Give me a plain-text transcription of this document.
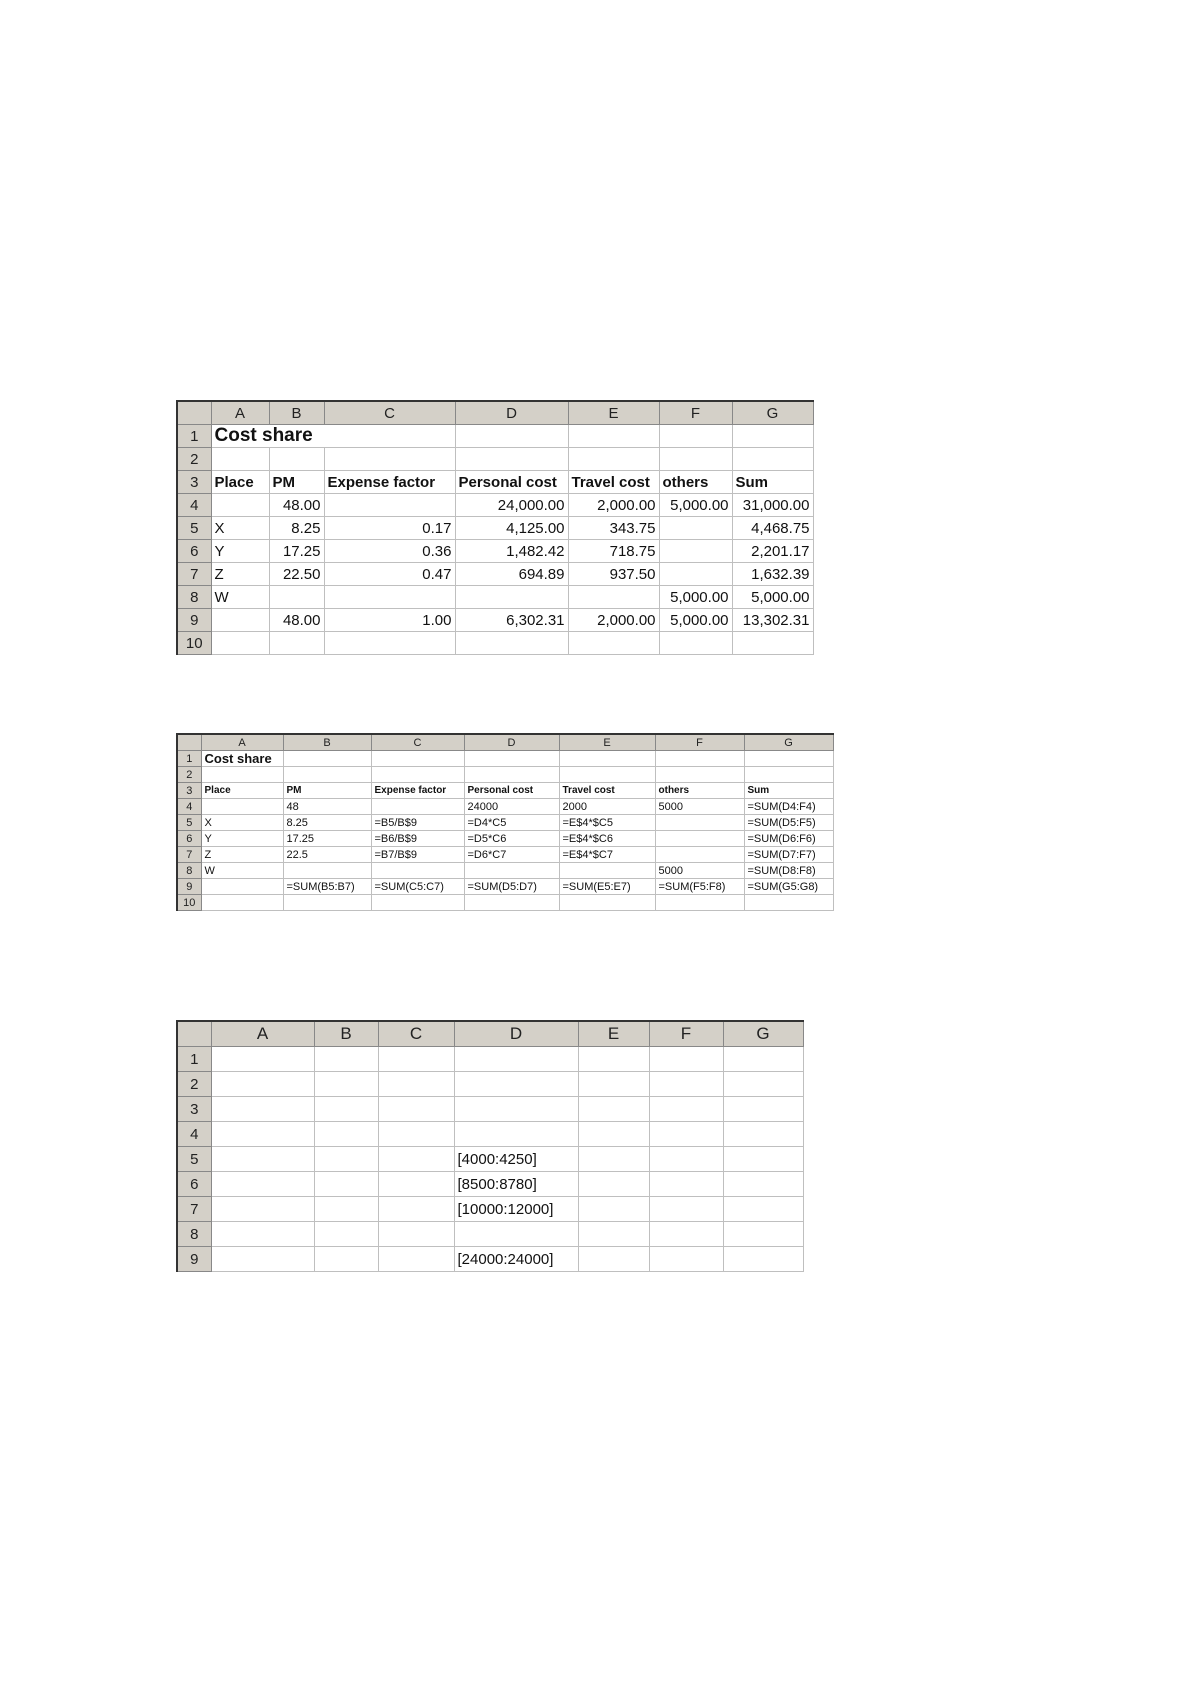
	A	B	C	D	E	F	G
1	Cost share						
2							
3	Place	PM	Expense factor	Personal cost	Travel cost	others	Sum
4		48.00		24,000.00	2,000.00	5,000.00	31,000.00
5	X	8.25	0.17	4,125.00	343.75		4,468.75
6	Y	17.25	0.36	1,482.42	718.75		2,201.17
7	Z	22.50	0.47	694.89	937.50		1,632.39
8	W					5,000.00	5,000.00
9		48.00	1.00	6,302.31	2,000.00	5,000.00	13,302.31
10							
	A	B	C	D	E	F	G
1	Cost share						
2							
3	Place	PM	Expense factor	Personal cost	Travel cost	others	Sum
4		48		24000	2000	5000	=SUM(D4:F4)
5	X	8.25	=B5/B$9	=D4*C5	=E$4*$C5		=SUM(D5:F5)
6	Y	17.25	=B6/B$9	=D5*C6	=E$4*$C6		=SUM(D6:F6)
7	Z	22.5	=B7/B$9	=D6*C7	=E$4*$C7		=SUM(D7:F7)
8	W					5000	=SUM(D8:F8)
9		=SUM(B5:B7)	=SUM(C5:C7)	=SUM(D5:D7)	=SUM(E5:E7)	=SUM(F5:F8)	=SUM(G5:G8)
10							
	A	B	C	D	E	F	G
1							
2							
3							
4							
5				[4000:4250]			
6				[8500:8780]			
7				[10000:12000]			
8							
9				[24000:24000]			
